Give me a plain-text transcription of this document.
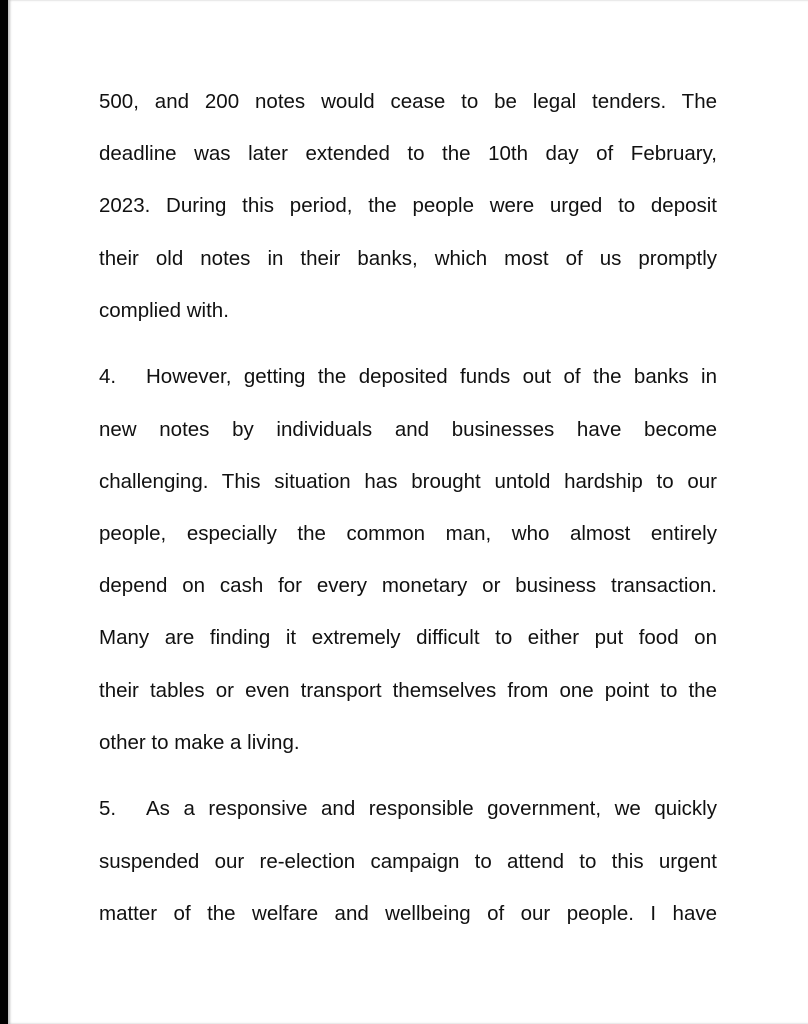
500, and 200 notes would cease to be legal tenders. The
deadline was later extended to the 10th day of February,
2023. During this period, the people were urged to deposit
their old notes in their banks, which most of us promptly
complied with.
4.	However, getting the deposited funds out of the banks in
new notes by individuals and businesses have become
challenging. This situation has brought untold hardship to our
people, especially the common man, who almost entirely
depend on cash for every monetary or business transaction.
Many are finding it extremely difficult to either put food on
their tables or even transport themselves from one point to the
other to make a living.
5.	As a responsive and responsible government, we quickly
suspended our re-election campaign to attend to this urgent
matter of the welfare and wellbeing of our people. I have
